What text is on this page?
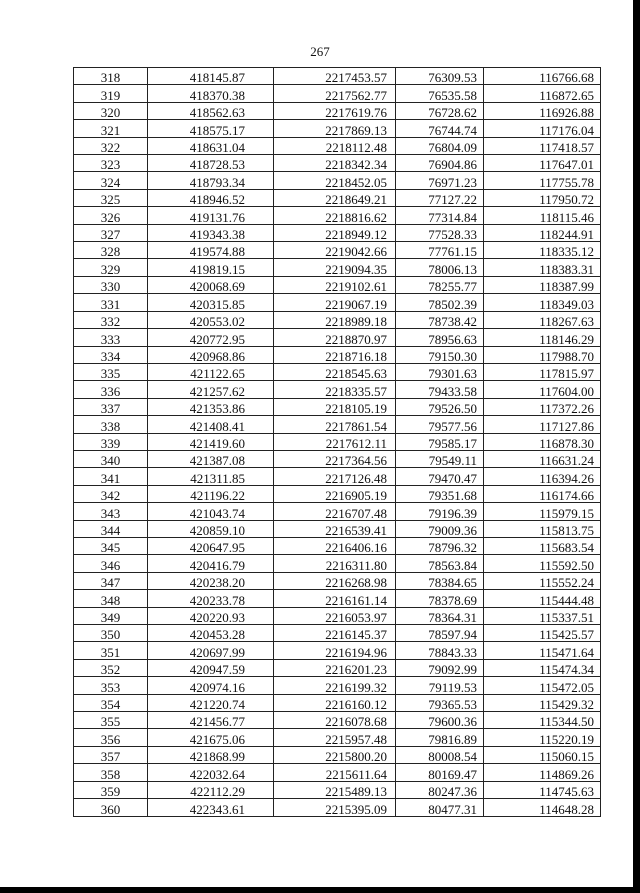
267
318	418145.87	2217453.57	76309.53	116766.68
319	418370.38	2217562.77	76535.58	116872.65
320	418562.63	2217619.76	76728.62	116926.88
321	418575.17	2217869.13	76744.74	117176.04
322	418631.04	2218112.48	76804.09	117418.57
323	418728.53	2218342.34	76904.86	117647.01
324	418793.34	2218452.05	76971.23	117755.78
325	418946.52	2218649.21	77127.22	117950.72
326	419131.76	2218816.62	77314.84	118115.46
327	419343.38	2218949.12	77528.33	118244.91
328	419574.88	2219042.66	77761.15	118335.12
329	419819.15	2219094.35	78006.13	118383.31
330	420068.69	2219102.61	78255.77	118387.99
331	420315.85	2219067.19	78502.39	118349.03
332	420553.02	2218989.18	78738.42	118267.63
333	420772.95	2218870.97	78956.63	118146.29
334	420968.86	2218716.18	79150.30	117988.70
335	421122.65	2218545.63	79301.63	117815.97
336	421257.62	2218335.57	79433.58	117604.00
337	421353.86	2218105.19	79526.50	117372.26
338	421408.41	2217861.54	79577.56	117127.86
339	421419.60	2217612.11	79585.17	116878.30
340	421387.08	2217364.56	79549.11	116631.24
341	421311.85	2217126.48	79470.47	116394.26
342	421196.22	2216905.19	79351.68	116174.66
343	421043.74	2216707.48	79196.39	115979.15
344	420859.10	2216539.41	79009.36	115813.75
345	420647.95	2216406.16	78796.32	115683.54
346	420416.79	2216311.80	78563.84	115592.50
347	420238.20	2216268.98	78384.65	115552.24
348	420233.78	2216161.14	78378.69	115444.48
349	420220.93	2216053.97	78364.31	115337.51
350	420453.28	2216145.37	78597.94	115425.57
351	420697.99	2216194.96	78843.33	115471.64
352	420947.59	2216201.23	79092.99	115474.34
353	420974.16	2216199.32	79119.53	115472.05
354	421220.74	2216160.12	79365.53	115429.32
355	421456.77	2216078.68	79600.36	115344.50
356	421675.06	2215957.48	79816.89	115220.19
357	421868.99	2215800.20	80008.54	115060.15
358	422032.64	2215611.64	80169.47	114869.26
359	422112.29	2215489.13	80247.36	114745.63
360	422343.61	2215395.09	80477.31	114648.28
